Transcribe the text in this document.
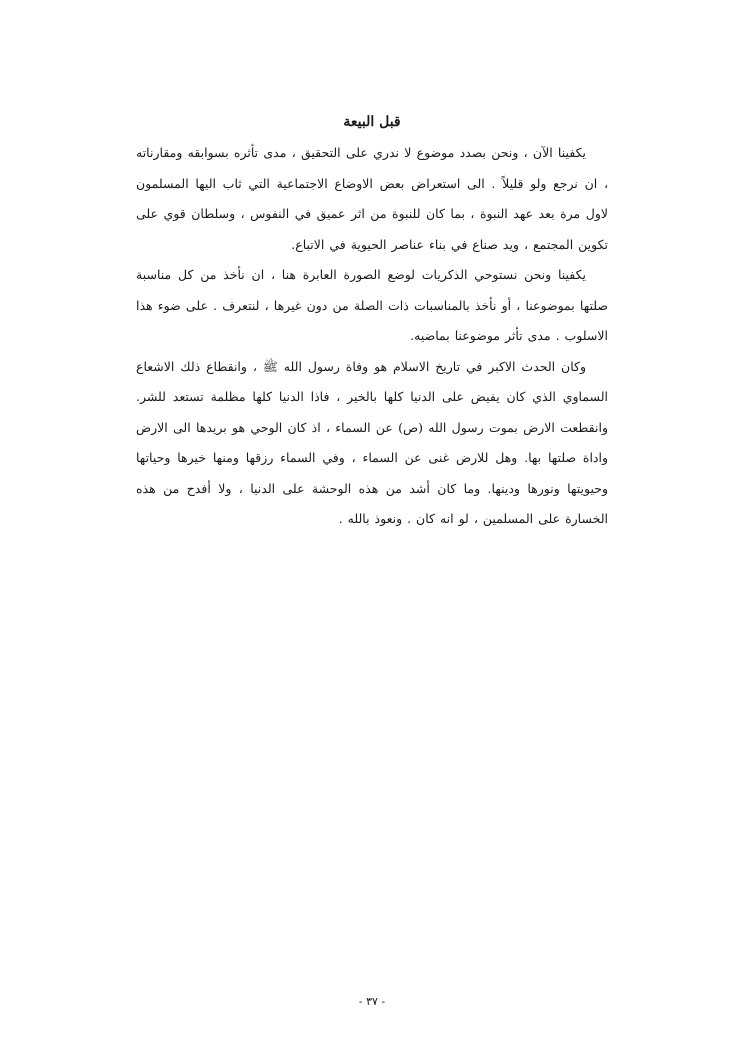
قبل البيعة

يكفينا الآن ، ونحن بصدد موضوع لا ندري على التحقيق ، مدى تأثره بسوابقه ومقارناته ، ان نرجع ولو قليلاً . الى استعراض بعض الاوضاع الاجتماعية التي ثاب اليها المسلمون لاول مرة بعد عهد النبوة ، بما كان للنبوة من اثر عميق في النفوس ، وسلطان قوي على تكوين المجتمع ، ويد صناع في بناء عناصر الحيوية في الاتباع.

يكفينا ونحن نستوحي الذكريات لوضع الصورة العابرة هنا ، ان نأخذ من كل مناسبة صلتها بموضوعنا ، أو نأخذ بالمناسبات ذات الصلة من دون غيرها ، لنتعرف . على ضوء هذا الاسلوب . مدى تأثر موضوعنا بماضيه.

وكان الحدث الاكبر في تاريخ الاسلام هو وفاة رسول الله ﷺ ، وانقطاع ذلك الاشعاع السماوي الذي كان يفيض على الدنيا كلها بالخير ، فاذا الدنيا كلها مظلمة تستعد للشر. وانقطعت الارض بموت رسول الله (ص) عن السماء ، اذ كان الوحي هو بريدها الى الارض واداة صلتها بها. وهل للارض غنى عن السماء ، وفي السماء رزقها ومنها خيرها وحياتها وحيويتها ونورها ودينها. وما كان أشد من هذه الوحشة على الدنيا ، ولا أفدح من هذه الخسارة على المسلمين ، لو انه كان . ونعوذ بالله .

- ٣٧ -
